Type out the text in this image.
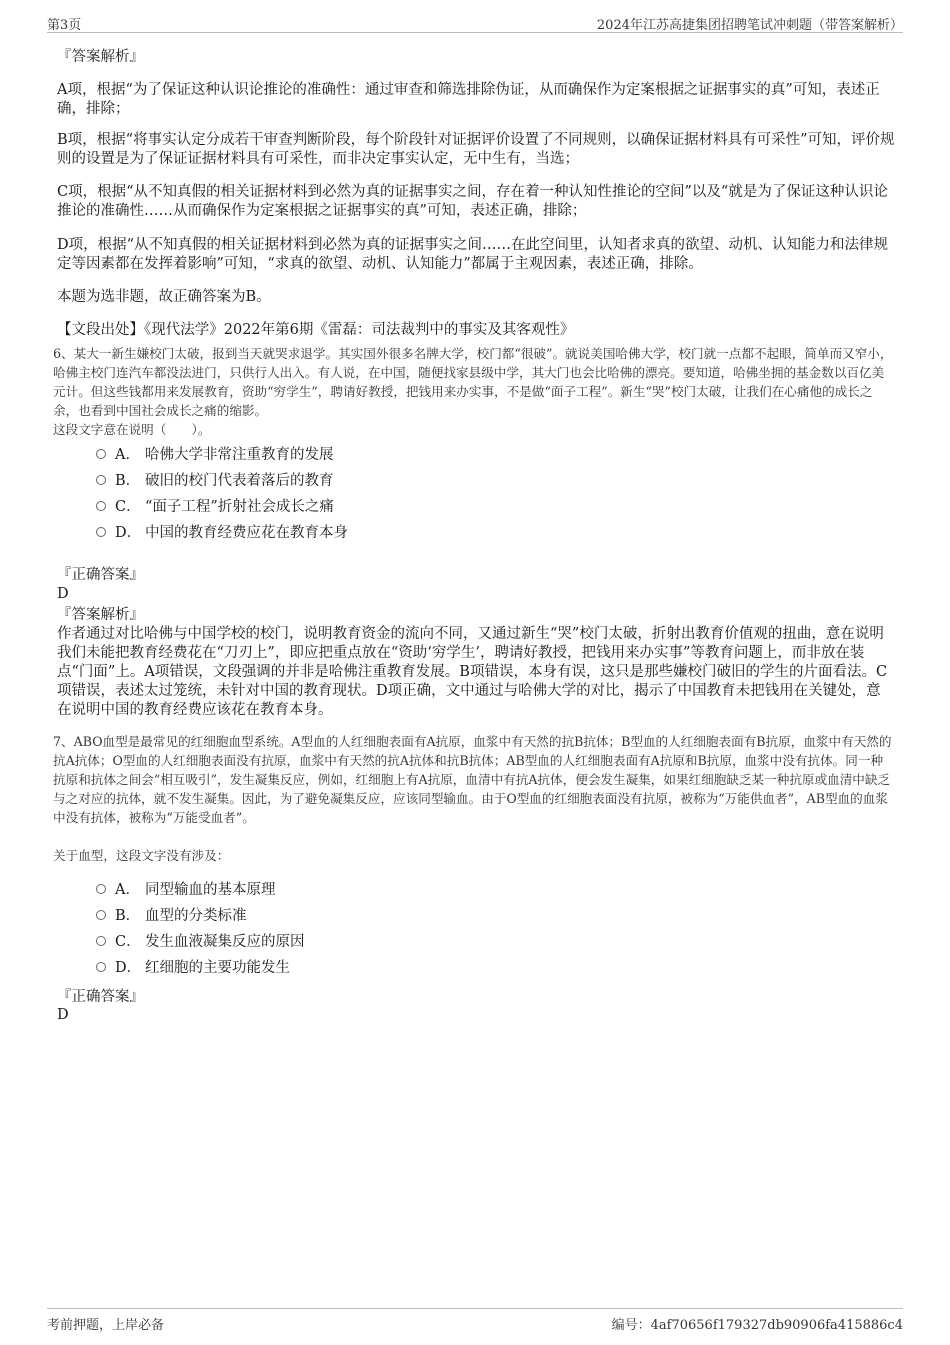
第3页	2024年江苏高捷集团招聘笔试冲刺题（带答案解析）

『答案解析』

A项，根据“为了保证这种认识论推论的准确性：通过审查和筛选排除伪证，从而确保作为定案根据之证据事实的真”可知，表述正确，排除；

B项，根据“将事实认定分成若干审查判断阶段，每个阶段针对证据评价设置了不同规则，以确保证据材料具有可采性”可知，评价规则的设置是为了保证证据材料具有可采性，而非决定事实认定，无中生有，当选；

C项，根据“从不知真假的相关证据材料到必然为真的证据事实之间，存在着一种认知性推论的空间”以及“就是为了保证这种认识论推论的准确性……从而确保作为定案根据之证据事实的真”可知，表述正确，排除；

D项，根据“从不知真假的相关证据材料到必然为真的证据事实之间……在此空间里，认知者求真的欲望、动机、认知能力和法律规定等因素都在发挥着影响”可知，“求真的欲望、动机、认知能力”都属于主观因素，表述正确，排除。

本题为选非题，故正确答案为B。

【文段出处】《现代法学》2022年第6期《雷磊：司法裁判中的事实及其客观性》

6、某大一新生嫌校门太破，报到当天就哭求退学。其实国外很多名牌大学，校门都“很破”。就说美国哈佛大学，校门就一点都不起眼，简单而又窄小，哈佛主校门连汽车都没法进门，只供行人出入。有人说，在中国，随便找家县级中学，其大门也会比哈佛的漂亮。要知道，哈佛坐拥的基金数以百亿美元计。但这些钱都用来发展教育，资助“穷学生”，聘请好教授，把钱用来办实事，不是做“面子工程”。新生“哭”校门太破，让我们在心痛他的成长之余，也看到中国社会成长之痛的缩影。

这段文字意在说明（　　）。

A． 哈佛大学非常注重教育的发展
B． 破旧的校门代表着落后的教育
C． “面子工程”折射社会成长之痛
D． 中国的教育经费应花在教育本身

『正确答案』

D

『答案解析』

作者通过对比哈佛与中国学校的校门，说明教育资金的流向不同，又通过新生“哭”校门太破，折射出教育价值观的扭曲，意在说明我们未能把教育经费花在“刀刃上”，即应把重点放在“资助‘穷学生’，聘请好教授，把钱用来办实事”等教育问题上，而非放在装点“门面”上。A项错误，文段强调的并非是哈佛注重教育发展。B项错误，本身有误，这只是那些嫌校门破旧的学生的片面看法。C项错误，表述太过笼统，未针对中国的教育现状。D项正确，文中通过与哈佛大学的对比，揭示了中国教育未把钱用在关键处，意在说明中国的教育经费应该花在教育本身。

7、ABO血型是最常见的红细胞血型系统。A型血的人红细胞表面有A抗原，血浆中有天然的抗B抗体；B型血的人红细胞表面有B抗原，血浆中有天然的抗A抗体；O型血的人红细胞表面没有抗原，血浆中有天然的抗A抗体和抗B抗体；AB型血的人红细胞表面有A抗原和B抗原，血浆中没有抗体。同一种抗原和抗体之间会“相互吸引”，发生凝集反应，例如，红细胞上有A抗原，血清中有抗A抗体，便会发生凝集，如果红细胞缺乏某一种抗原或血清中缺乏与之对应的抗体，就不发生凝集。因此，为了避免凝集反应，应该同型输血。由于O型血的红细胞表面没有抗原，被称为“万能供血者”，AB型血的血浆中没有抗体，被称为“万能受血者”。

关于血型，这段文字没有涉及：

A． 同型输血的基本原理
B． 血型的分类标准
C． 发生血液凝集反应的原因
D． 红细胞的主要功能发生

『正确答案』

D

考前押题，上岸必备	编号：4af70656f179327db90906fa415886c4
